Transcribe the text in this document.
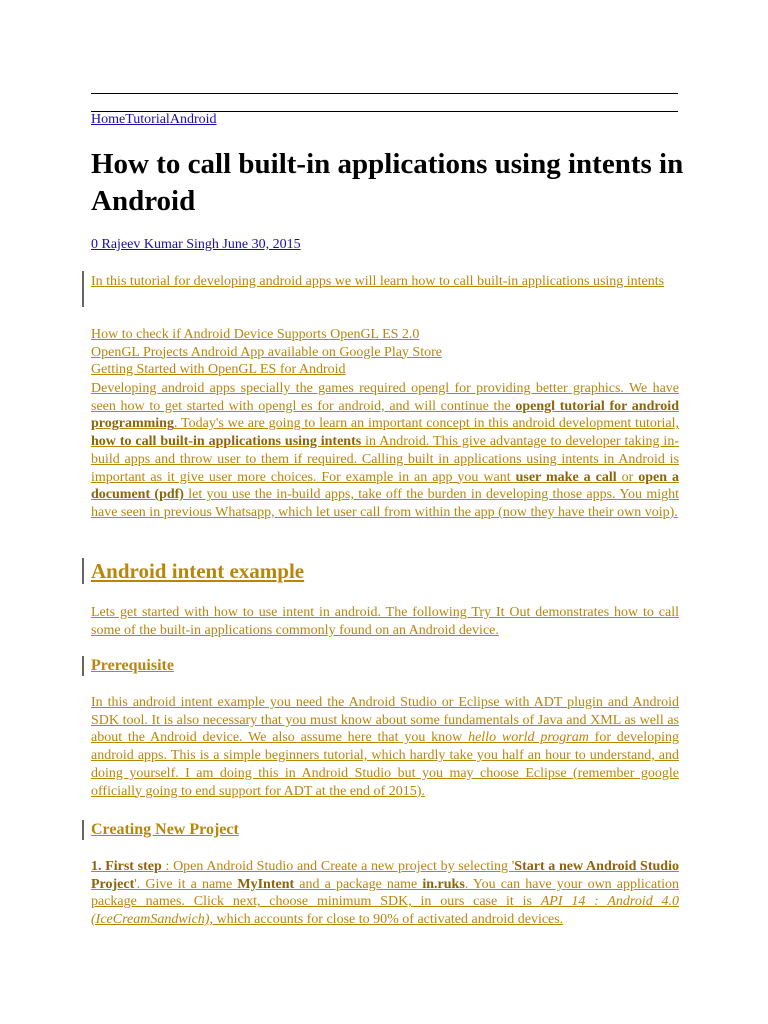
HomeTutorialAndroid
How to call built-in applications using intents in Android
0 Rajeev Kumar Singh June 30, 2015
In this tutorial for developing android apps we will learn how to call built-in applications using intents
How to check if Android Device Supports OpenGL ES 2.0
OpenGL Projects Android App available on Google Play Store
Getting Started with OpenGL ES for Android
Developing android apps specially the games required opengl for providing better graphics. We have seen how to get started with opengl es for android, and will continue the opengl tutorial for android programming. Today's we are going to learn an important concept in this android development tutorial, how to call built-in applications using intents in Android. This give advantage to developer taking in-build apps and throw user to them if required. Calling built in applications using intents in Android is important as it give user more choices. For example in an app you want user make a call or open a document (pdf) let you use the in-build apps, take off the burden in developing those apps. You might have seen in previous Whatsapp, which let user call from within the app (now they have their own voip).
Android intent example
Lets get started with how to use intent in android. The following Try It Out demonstrates how to call some of the built-in applications commonly found on an Android device.
Prerequisite
In this android intent example you need the Android Studio or Eclipse with ADT plugin and Android SDK tool. It is also necessary that you must know about some fundamentals of Java and XML as well as about the Android device. We also assume here that you know hello world program for developing android apps. This is a simple beginners tutorial, which hardly take you half an hour to understand, and doing yourself. I am doing this in Android Studio but you may choose Eclipse (remember google officially going to end support for ADT at the end of 2015).
Creating New Project
1. First step : Open Android Studio and Create a new project by selecting 'Start a new Android Studio Project'. Give it a name MyIntent and a package name in.ruks. You can have your own application package names. Click next, choose minimum SDK, in ours case it is API 14 : Android 4.0 (IceCreamSandwich), which accounts for close to 90% of activated android devices.
